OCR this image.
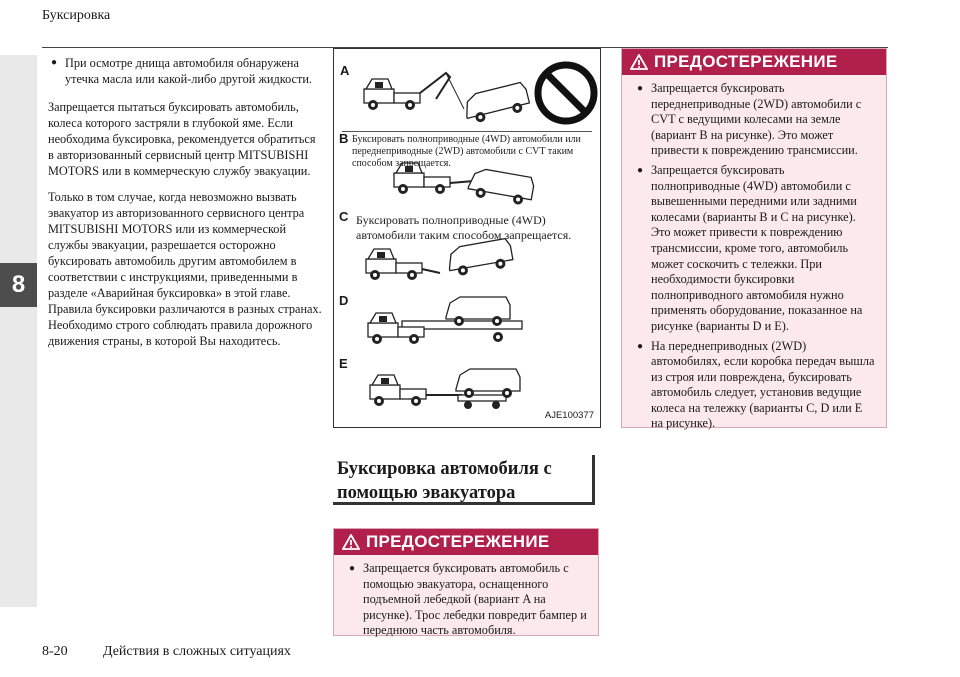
Буксировка
8
● При осмотре днища автомобиля обнаружена утечка масла или какой-либо другой жидкости.

Запрещается пытаться буксировать автомобиль, колеса которого застряли в глубокой яме. Если необходима буксировка, рекомендуется обратиться в авторизованный сервисный центр MITSUBISHI MOTORS или в коммерческую службу эвакуации.

Только в том случае, когда невозможно вызвать эвакуатор из авторизованного сервисного центра MITSUBISHI MOTORS или из коммерческой службы эвакуации, разрешается осторожно буксировать автомобиль другим автомобилем в соответствии с инструкциями, приведенными в разделе «Аварийная буксировка» в этой главе. Правила буксировки различаются в разных странах. Необходимо строго соблюдать правила дорожного движения страны, в которой Вы находитесь.

A
B Буксировать полноприводные (4WD) автомобили или переднеприводные (2WD) автомобили с CVT таким способом запрещается.
C Буксировать полноприводные (4WD) автомобили таким способом запрещается.
D
E
AJE100377
Буксировка автомобиля с помощью эвакуатора
ПРЕДОСТЕРЕЖЕНИЕ
● Запрещается буксировать автомобиль с помощью эвакуатора, оснащенного подъемной лебедкой (вариант A на рисунке). Трос лебедки повредит бампер и переднюю часть автомобиля.
ПРЕДОСТЕРЕЖЕНИЕ
● Запрещается буксировать переднеприводные (2WD) автомобили с CVT с ведущими колесами на земле (вариант B на рисунке). Это может привести к повреждению трансмиссии.
● Запрещается буксировать полноприводные (4WD) автомобили с вывешенными передними или задними колесами (варианты B и C на рисунке). Это может привести к повреждению трансмиссии, кроме того, автомобиль может соскочить с тележки. При необходимости буксировки полноприводного автомобиля нужно применять оборудование, показанное на рисунке (варианты D и E).
● На переднеприводных (2WD) автомобилях, если коробка передач вышла из строя или повреждена, буксировать автомобиль следует, установив ведущие колеса на тележку (варианты C, D или E на рисунке).
8-20	Действия в сложных ситуациях
